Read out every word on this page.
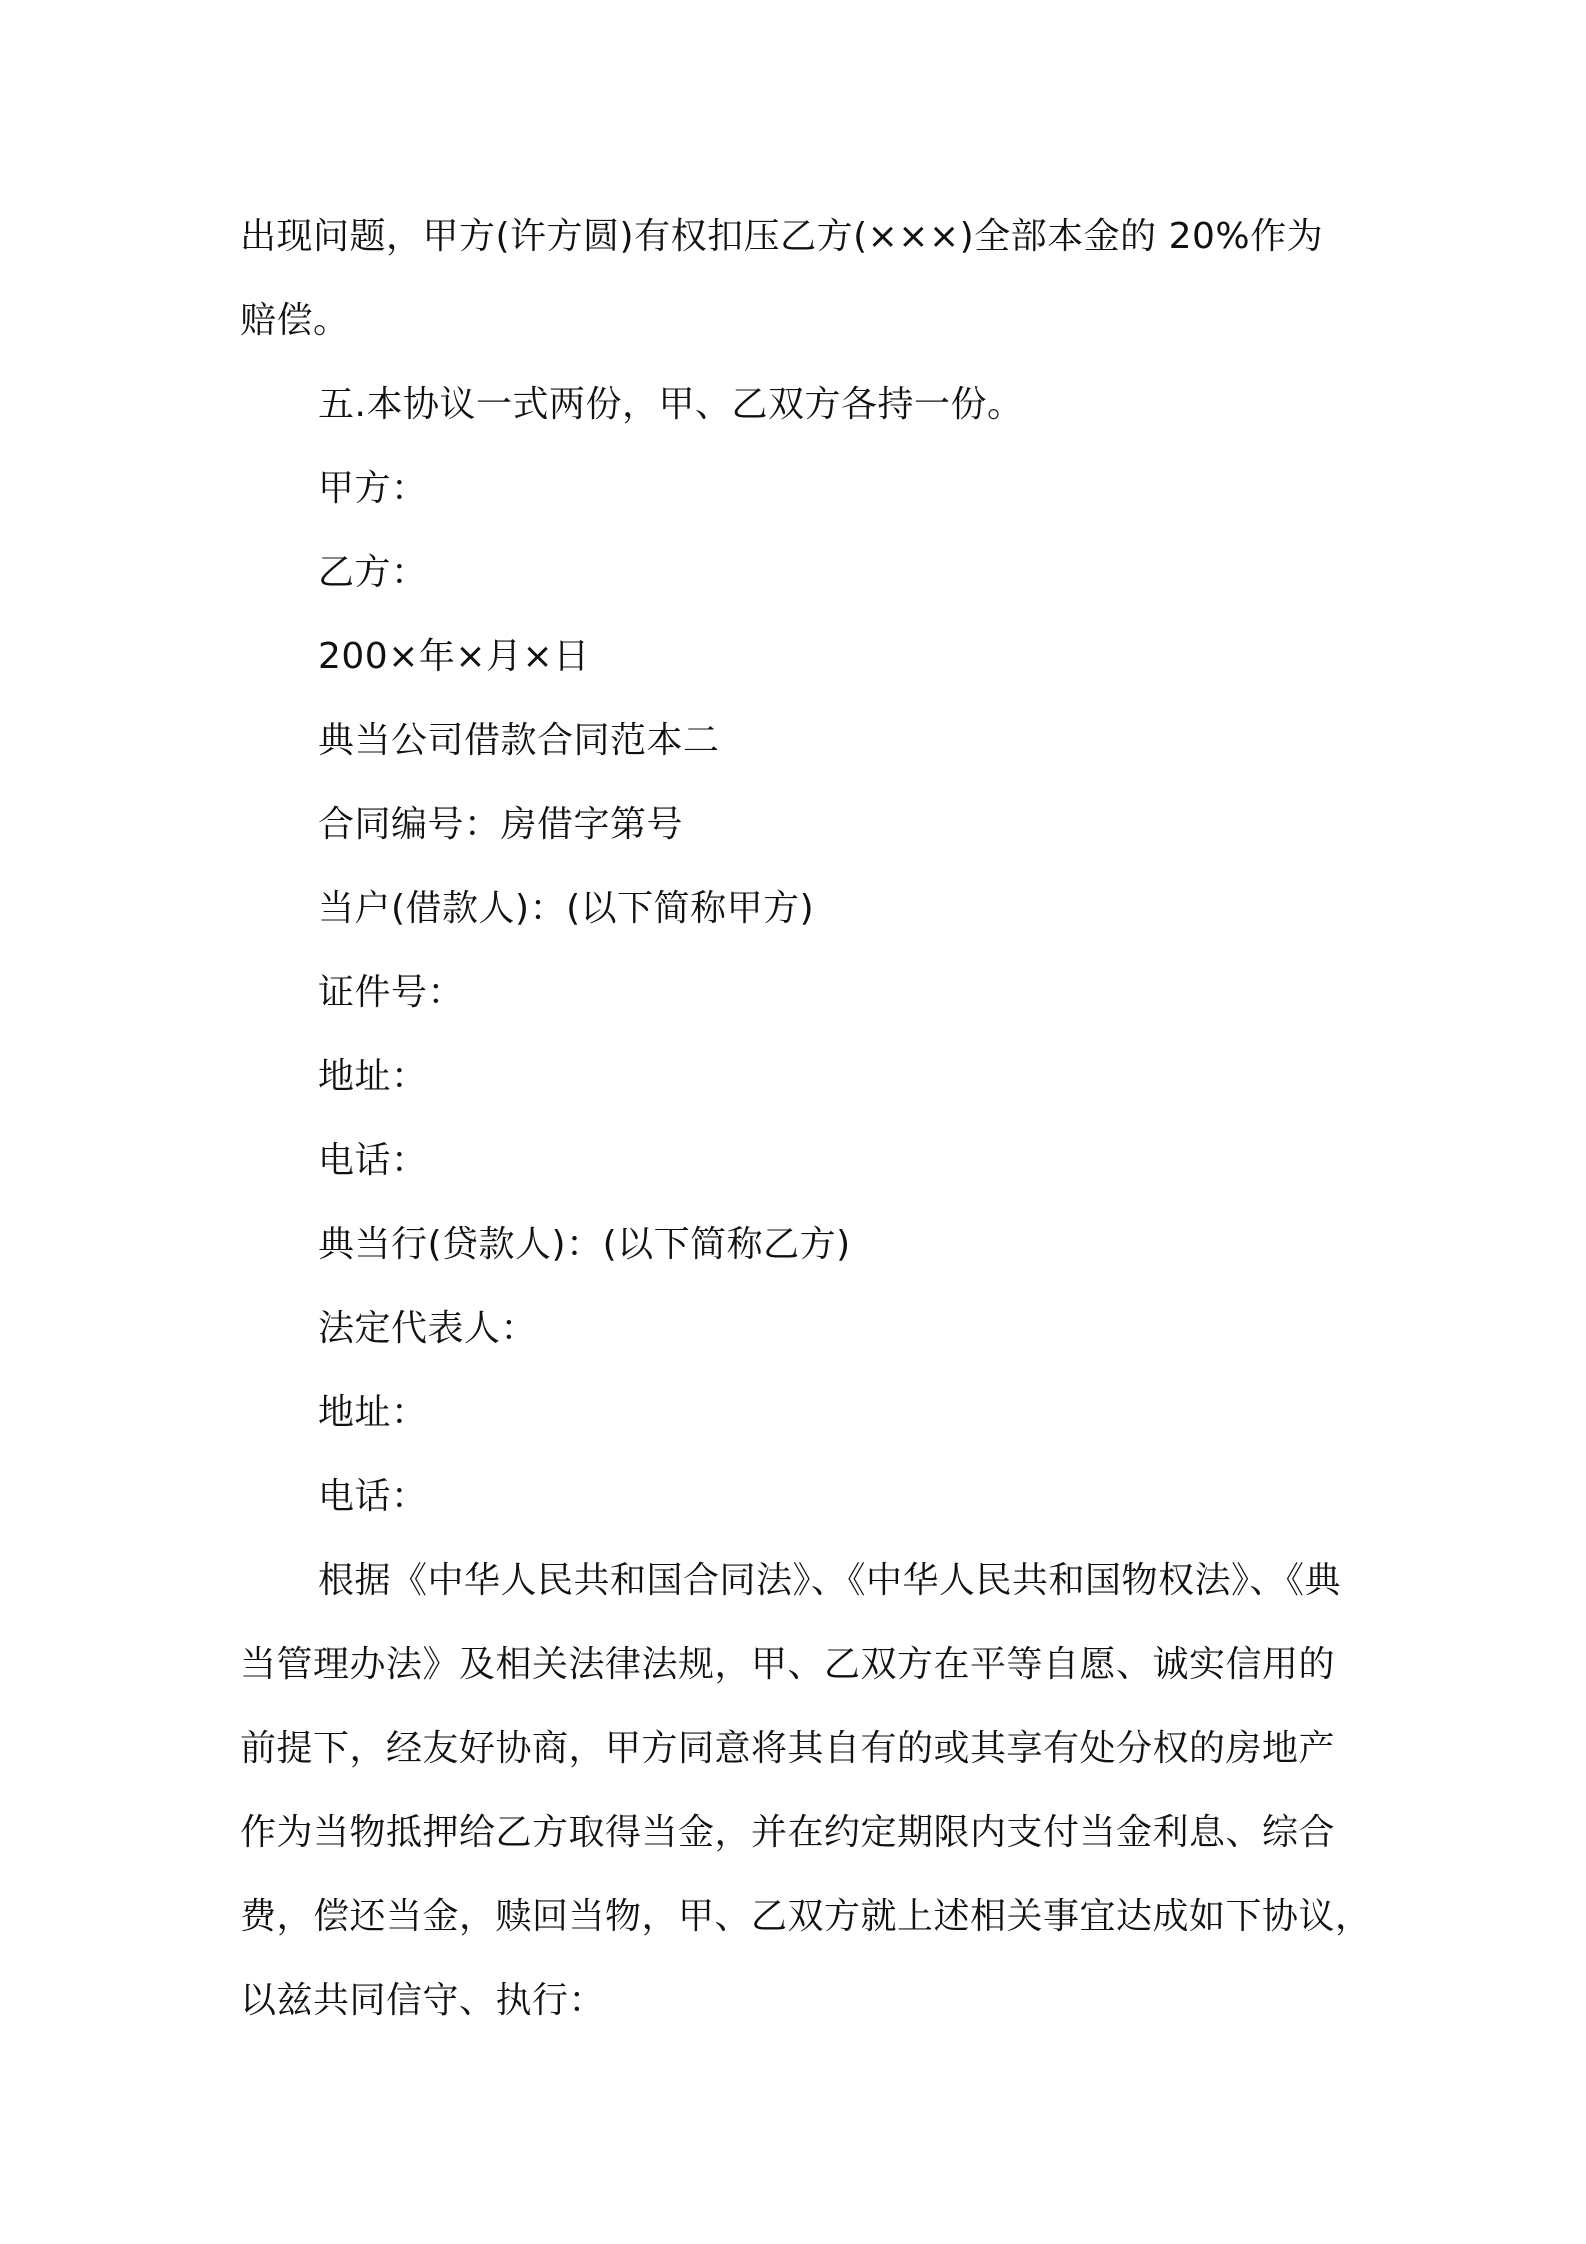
出现问题，甲方(许方圆)有权扣压乙方(×××)全部本金的 20%作为
赔偿。
五.本协议一式两份，甲、乙双方各持一份。
甲方：
乙方：
200×年×月×日
典当公司借款合同范本二
合同编号：房借字第号
当户(借款人)：(以下简称甲方)
证件号：
地址：
电话：
典当行(贷款人)：(以下简称乙方)
法定代表人：
地址：
电话：
根据《中华人民共和国合同法》、《中华人民共和国物权法》、《典
当管理办法》及相关法律法规，甲、乙双方在平等自愿、诚实信用的
前提下，经友好协商，甲方同意将其自有的或其享有处分权的房地产
作为当物抵押给乙方取得当金，并在约定期限内支付当金利息、综合
费，偿还当金，赎回当物，甲、乙双方就上述相关事宜达成如下协议，
以兹共同信守、执行：
